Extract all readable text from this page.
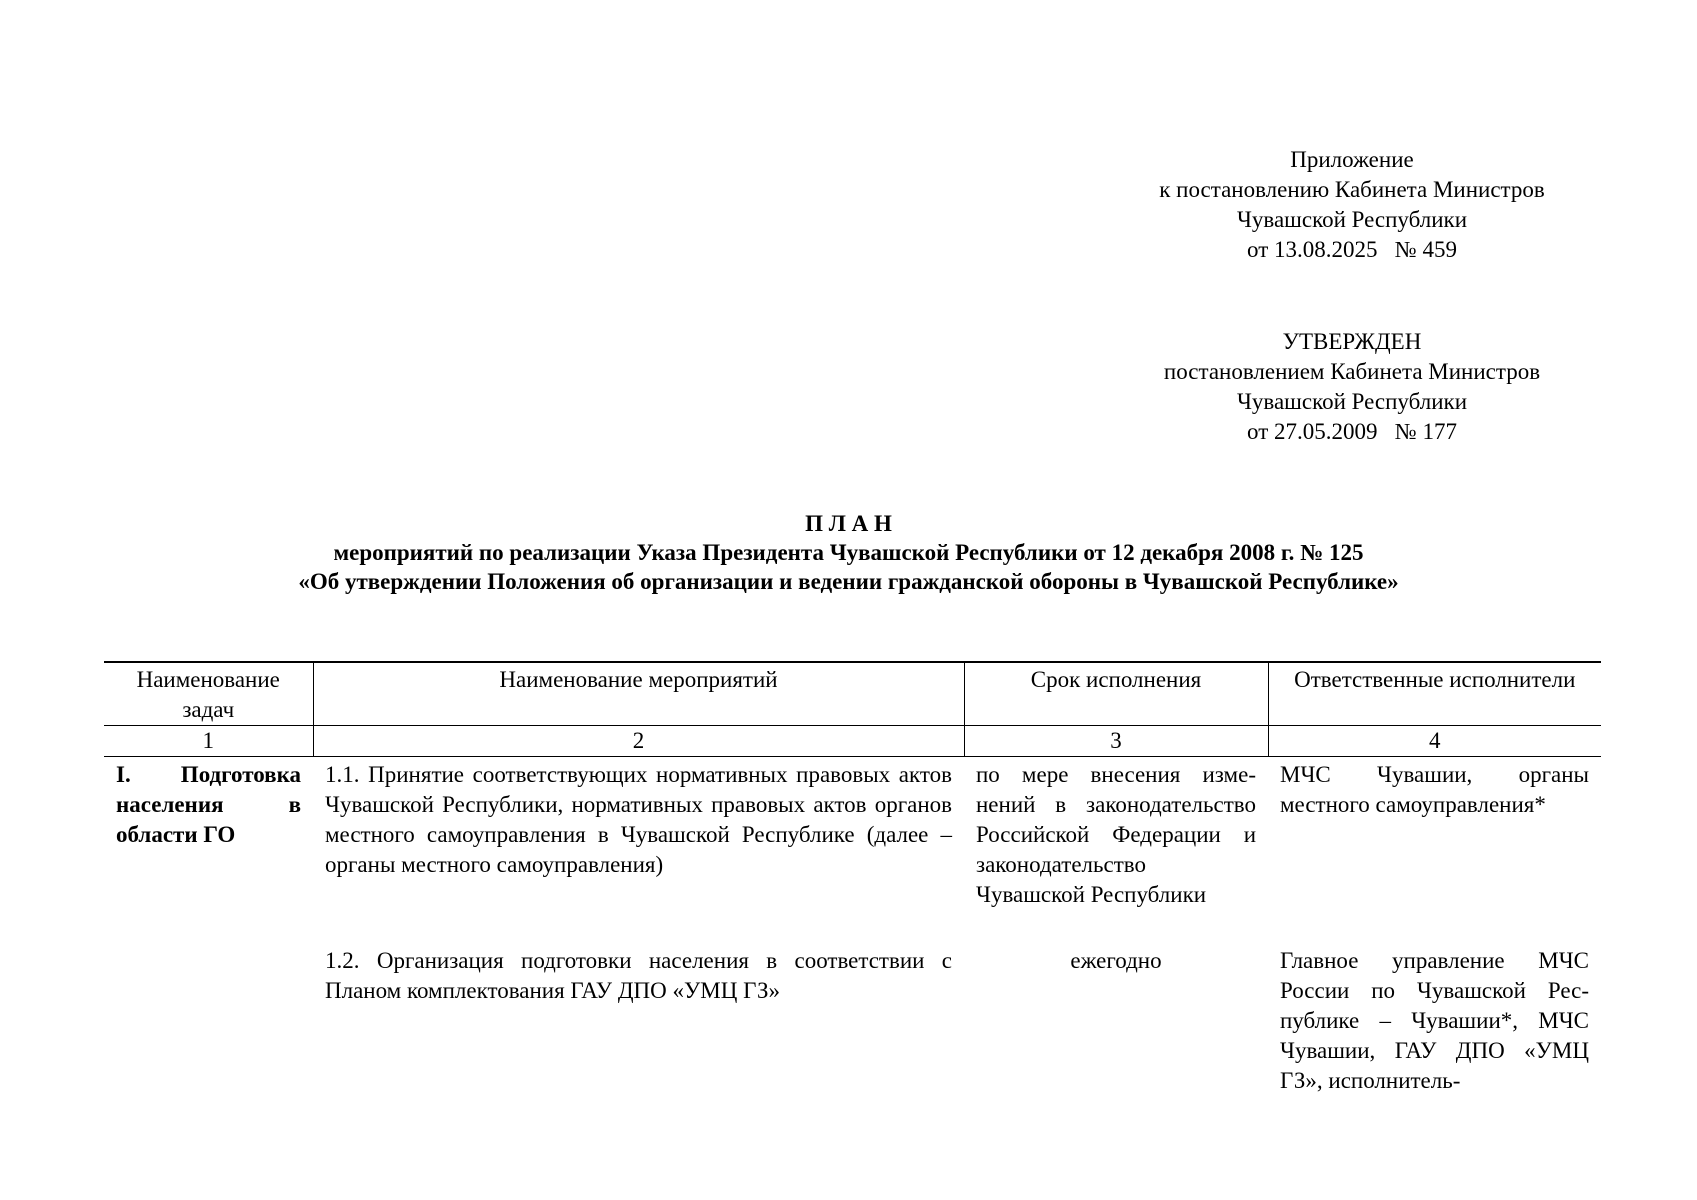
Приложение
к постановлению Кабинета Министров
Чувашской Республики
от 13.08.2025   № 459
УТВЕРЖДЕН
постановлением Кабинета Министров
Чувашской Республики
от 27.05.2009   № 177
П Л А Н
мероприятий по реализации Указа Президента Чувашской Республики от 12 декабря 2008 г. № 125
«Об утверждении Положения об организации и ведении гражданской обороны в Чувашской Республике»
Наименование задач	Наименование мероприятий	Срок исполнения	Ответственные исполнители
1	2	3	4

I. Подготовка населения в области ГО	1.1. Принятие соответствующих нормативных правовых актов Чувашской Республики, нормативных правовых актов органов местного самоуправления в Чувашской Республике (далее – органы местного самоуправления)	по мере внесения изменений в законодательство Российской Федерации и законодательство Чувашской Республики	МЧС Чувашии, органы местного самоуправления*

	1.2. Организация подготовки населения в соответствии с Планом комплектования ГАУ ДПО «УМЦ ГЗ»	ежегодно	Главное управление МЧС России по Чувашской Республике – Чувашии*, МЧС Чувашии, ГАУ ДПО «УМЦ ГЗ», исполнитель-
